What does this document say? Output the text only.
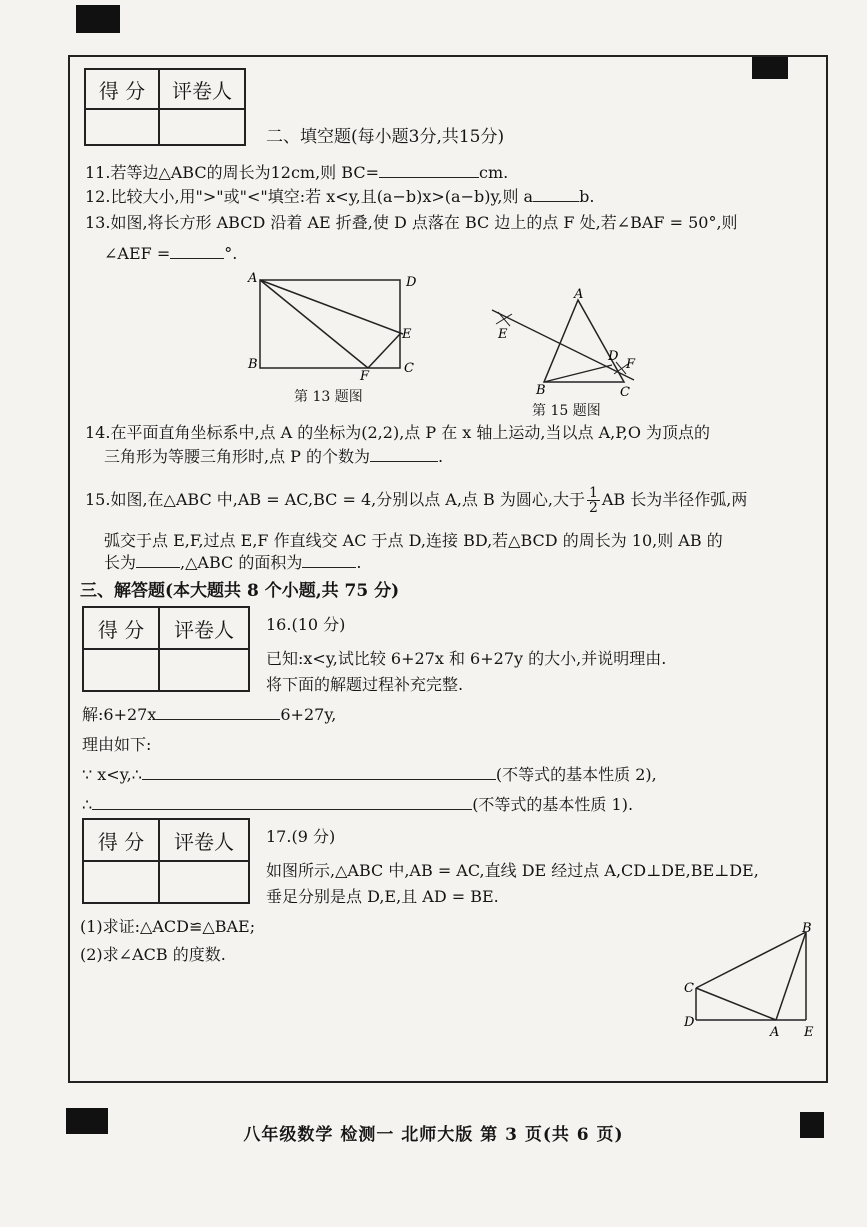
得 分	评卷人

二、填空题(每小题3分,共15分)
11.若等边△ABC的周长为12cm,则 BC=	cm.
12.比较大小,用">"或"<"填空:若 x<y,且(a−b)x>(a−b)y,则 a	b.
13.如图,将长方形 ABCD 沿着 AE 折叠,使 D 点落在 BC 边上的点 F 处,若∠BAF = 50°,则
∠AEF =	°.
A	D
B	C
E
F
第 13 题图
A
B	C
D
E
F
第 15 题图
14.在平面直角坐标系中,点 A 的坐标为(2,2),点 P 在 x 轴上运动,当以点 A,P,O 为顶点的
三角形为等腰三角形时,点 P 的个数为	.
15.如图,在△ABC 中,AB = AC,BC = 4,分别以点 A,点 B 为圆心,大于 $\frac{1}{2}$ AB 长为半径作弧,两
弧交于点 E,F,过点 E,F 作直线交 AC 于点 D,连接 BD,若△BCD 的周长为 10,则 AB 的
长为	,△ABC 的面积为	.
三、解答题(本大题共 8 个小题,共 75 分)
得 分	评卷人
	16.(10 分)
已知:x<y,试比较 6+27x 和 6+27y 的大小,并说明理由.
将下面的解题过程补充完整.
解:6+27x	6+27y,
理由如下:
∵ x<y,∴	(不等式的基本性质 2),
∴	(不等式的基本性质 1).
得 分	评卷人
	17.(9 分)
如图所示,△ABC 中,AB = AC,直线 DE 经过点 A,CD⊥DE,BE⊥DE,
垂足分别是点 D,E,且 AD = BE.
(1)求证:△ACD≌△BAE;
(2)求∠ACB 的度数.
B
C
D
A E
八年级数学 检测一 北师大版 第 3 页(共 6 页)
